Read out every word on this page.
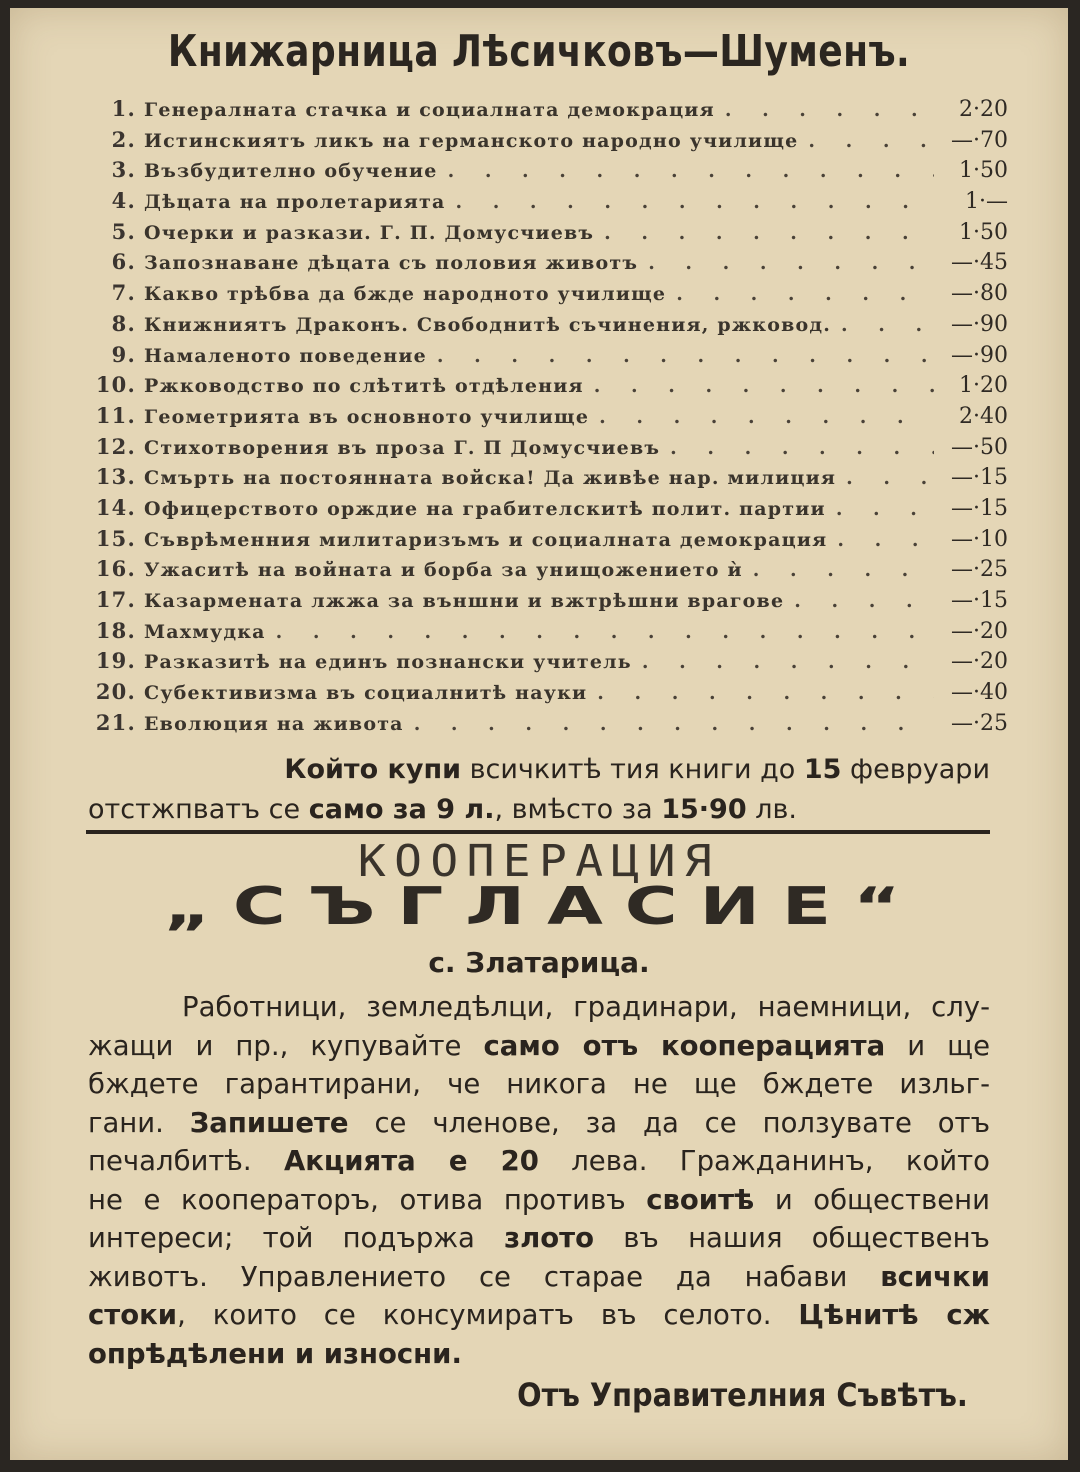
Книжарница Лѣсичковъ—Шуменъ.
1. Генералната стачка и социалната демокрация . . .	2·20
2. Истинскиятъ ликъ на германското народно училище . . .	—·70
3. Възбудително обучение . . .	1·50
4. Дѣцата на пролетарията . . .	1·—
5. Очерки и разкази. Г. П. Домусчиевъ . . .	1·50
6. Запознаване дѣцата съ половия животъ . . .	—·45
7. Какво трѣбва да бжде народното училище . . .	—·80
8. Книжниятъ Драконъ. Свободнитѣ съчинения, ржковод. . . .	—·90
9. Намаленото поведение . . .	—·90
10. Ржководство по слѣтитѣ отдѣления . . .	1·20
11. Геометрията въ основното училище . . .	2·40
12. Стихотворения въ проза Г. П Домусчиевъ . . .	—·50
13. Смърть на постоянната войска! Да живѣе нар. милиция . . .	—·15
14. Офицерството орждие на грабителскитѣ полит. партии . . .	—·15
15. Съврѣменния милитаризъмъ и социалната демокрация . . .	—·10
16. Ужаситѣ на войната и борба за унищожението ѝ . . .	—·25
17. Казармената лжжа за външни и вжтрѣшни врагове . . .	—·15
18. Махмудка . . .	—·20
19. Разказитѣ на единъ познански учитель . . .	—·20
20. Субективизма въ социалнитѣ науки . . .	—·40
21. Еволюция на живота . . .	—·25
Който купи всичкитѣ тия книги до 15 февруари
отстжпватъ се само за 9 л., вмѣсто за 15·90 лв.
КООПЕРАЦИЯ
„СЪГЛАСИЕ“
с. Златарица.
Работници, земледѣлци, градинари, наемници, слу-
жащи и пр., купувайте само отъ кооперацията и ще
бждете гарантирани, че никога не ще бждете изльг-
гани. Запишете се членове, за да се ползувате отъ
печалбитѣ. Акцията е 20 лева. Гражданинъ, който
не е кооператоръ, отива противъ своитѣ и обществени
интереси; той подържа злото въ нашия общественъ
животъ. Управлението се старае да набави всички
стоки, които се консумиратъ въ селото. Цѣнитѣ сж
опрѣдѣлени и износни.
Отъ Управителния Съвѣтъ.
